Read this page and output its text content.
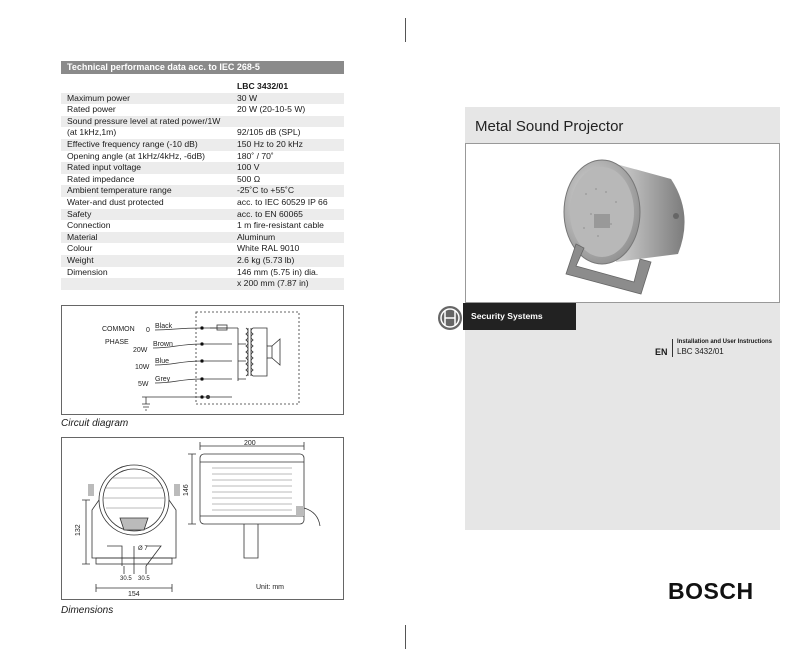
Technical performance data acc. to IEC 268-5
LBC 3432/01
Maximum power	30 W
Rated power	20 W (20-10-5 W)
Sound pressure level at rated power/1W
(at 1kHz,1m)	92/105 dB (SPL)
Effective frequency range (-10 dB)	150 Hz to 20 kHz
Opening angle (at 1kHz/4kHz, -6dB)	180˚ / 70˚
Rated input voltage	100 V
Rated impedance	500 Ω
Ambient temperature range	-25˚C to +55˚C
Water-and dust protected	acc. to IEC 60529 IP 66
Safety	acc. to EN 60065
Connection	1 m fire-resistant cable
Material	Aluminum
Colour	White RAL 9010
Weight	2.6 kg (5.73 lb)
Dimension	146 mm (5.75 in) dia.
x 200 mm (7.87 in)
COMMON
PHASE
0
20W
10W
5W
Black
Brown
Blue
Grey
Circuit diagram
200
146
132
154
30.5 30.5
Ø 7
Unit: mm
Dimensions
Metal Sound Projector
Security Systems
EN
Installation and User Instructions
LBC 3432/01
BOSCH
